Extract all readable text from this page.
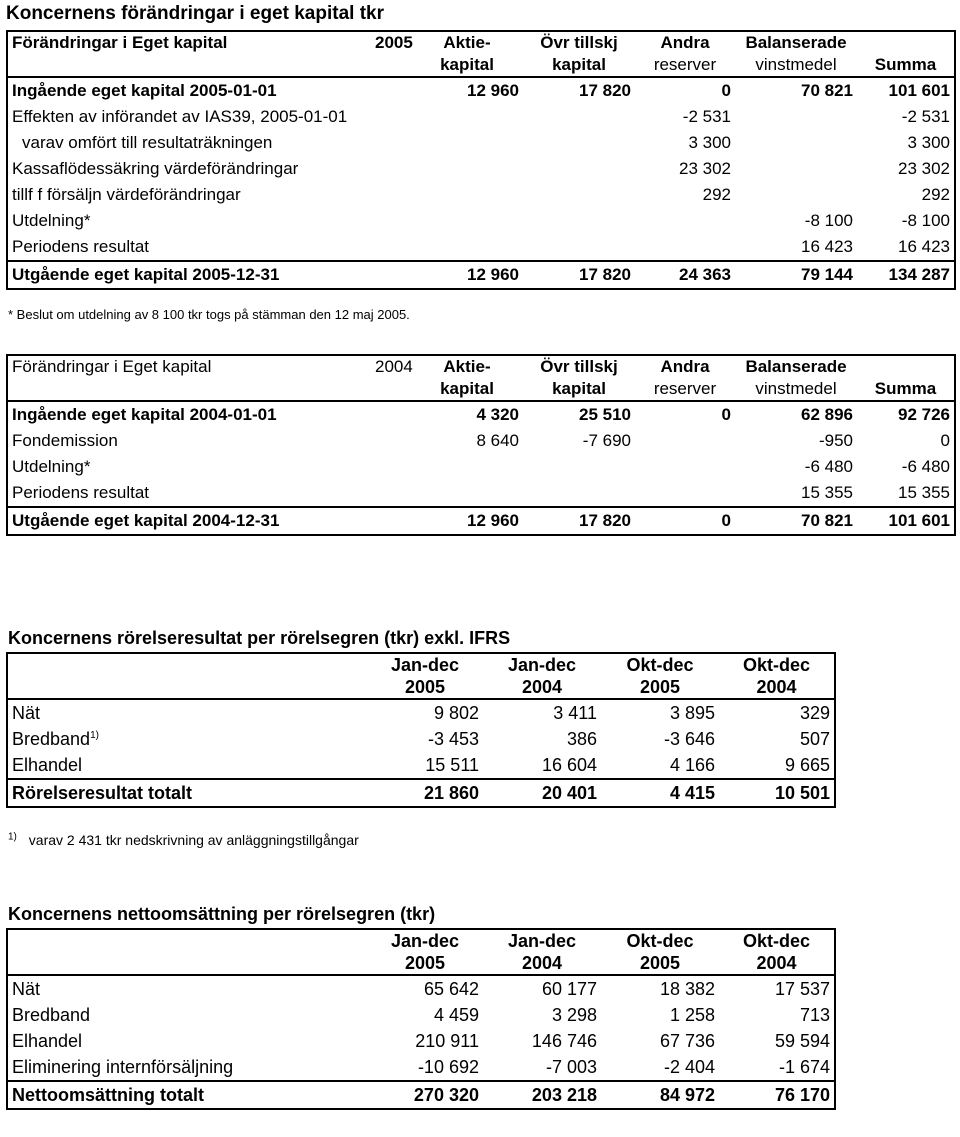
Koncernens förändringar i eget kapital tkr
Förändringar i Eget kapital	2005	Aktie-	Övr tillskj	Andra	Balanserade	
		kapital	kapital	reserver	vinstmedel	Summa
Ingående eget kapital 2005-01-01		12 960	17 820	0	70 821	101 601
Effekten av införandet av IAS39, 2005-01-01				-2 531		-2 531
varav omfört till resultaträkningen				3 300		3 300
Kassaflödessäkring värdeförändringar				23 302		23 302
tillf f försäljn värdeförändringar				292		292
Utdelning*					-8 100	-8 100
Periodens resultat					16 423	16 423
Utgående eget kapital 2005-12-31		12 960	17 820	24 363	79 144	134 287
* Beslut om utdelning av 8 100 tkr togs på stämman den 12 maj 2005.
Förändringar i Eget kapital	2004	Aktie-	Övr tillskj	Andra	Balanserade	
		kapital	kapital	reserver	vinstmedel	Summa
Ingående eget kapital 2004-01-01		4 320	25 510	0	62 896	92 726
Fondemission		8 640	-7 690		-950	0
Utdelning*					-6 480	-6 480
Periodens resultat					15 355	15 355
Utgående eget kapital 2004-12-31		12 960	17 820	0	70 821	101 601
Koncernens rörelseresultat per rörelsegren (tkr) exkl. IFRS
	Jan-dec	Jan-dec	Okt-dec	Okt-dec
	2005	2004	2005	2004
Nät	9 802	3 411	3 895	329
Bredband$^{1)}$	-3 453	386	-3 646	507
Elhandel	15 511	16 604	4 166	9 665
Rörelseresultat totalt	21 860	20 401	4 415	10 501
$^{1)}$ varav 2 431 tkr nedskrivning av anläggningstillgångar
Koncernens nettoomsättning per rörelsegren (tkr)
	Jan-dec	Jan-dec	Okt-dec	Okt-dec
	2005	2004	2005	2004
Nät	65 642	60 177	18 382	17 537
Bredband	4 459	3 298	1 258	713
Elhandel	210 911	146 746	67 736	59 594
Eliminering internförsäljning	-10 692	-7 003	-2 404	-1 674
Nettoomsättning totalt	270 320	203 218	84 972	76 170
